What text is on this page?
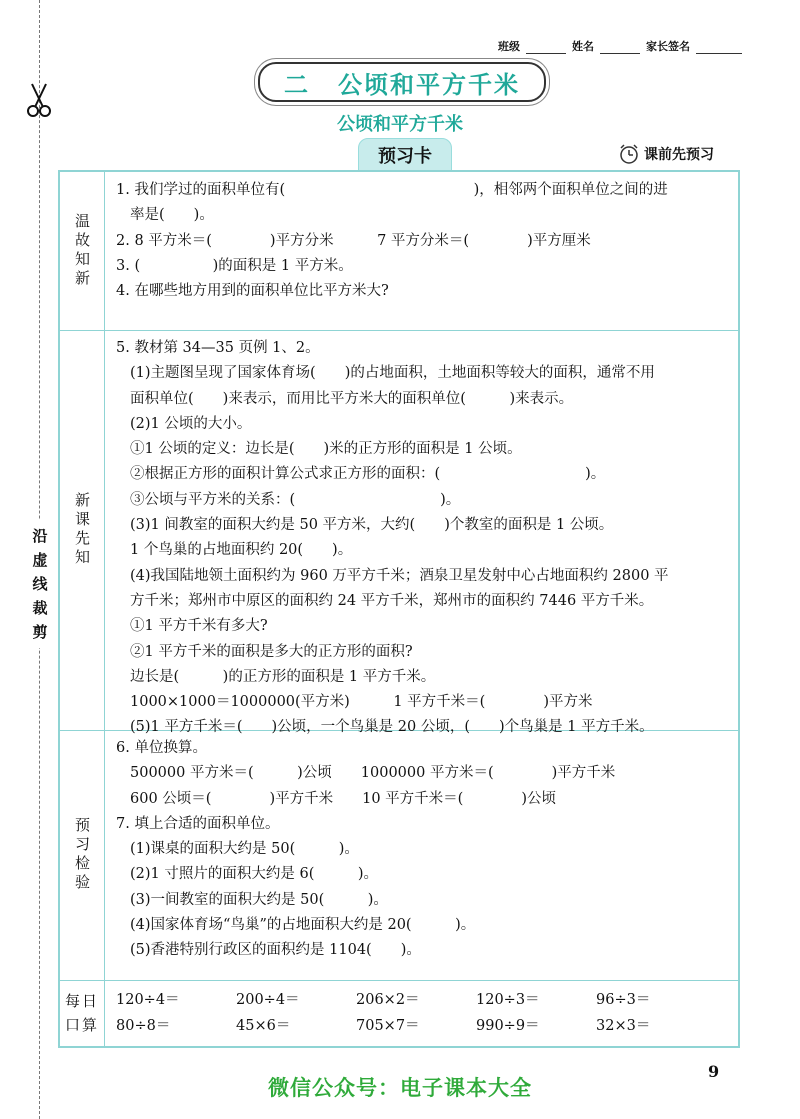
沿虚线裁剪
班级	姓名	家长签名
二 公顷和平方千米
公顷和平方千米
预习卡	课前先预习
温故知新
1. 我们学过的面积单位有(　　　　　　　　　　　　　)，相邻两个面积单位之间的进
率是(　　)。
2. 8 平方米＝(　　　　)平方分米　　　7 平方分米＝(　　　　)平方厘米
3. (　　　　　)的面积是 1 平方米。
4. 在哪些地方用到的面积单位比平方米大?
新课先知
5. 教材第 34—35 页例 1、2。
(1)主题图呈现了国家体育场(　　)的占地面积，土地面积等较大的面积，通常不用
面积单位(　　)来表示，而用比平方米大的面积单位(　　　)来表示。
(2)1 公顷的大小。
①1 公顷的定义：边长是(　　)米的正方形的面积是 1 公顷。
②根据正方形的面积计算公式求正方形的面积：(　　　　　　　　　　)。
③公顷与平方米的关系：(　　　　　　　　　　)。
(3)1 间教室的面积大约是 50 平方米，大约(　　)个教室的面积是 1 公顷。
1 个鸟巢的占地面积约 20(　　)。
(4)我国陆地领土面积约为 960 万平方千米；酒泉卫星发射中心占地面积约 2800 平
方千米；郑州市中原区的面积约 24 平方千米，郑州市的面积约 7446 平方千米。
①1 平方千米有多大?
②1 平方千米的面积是多大的正方形的面积?
边长是(　　　)的正方形的面积是 1 平方千米。
1000×1000＝1000000(平方米)　　　1 平方千米＝(　　　　)平方米
(5)1 平方千米＝(　　)公顷，一个鸟巢是 20 公顷，(　　)个鸟巢是 1 平方千米。
预习检验
6. 单位换算。
500000 平方米＝(　　　)公顷　　1000000 平方米＝(　　　　)平方千米
600 公顷＝(　　　　)平方千米　　10 平方千米＝(　　　　)公顷
7. 填上合适的面积单位。
(1)课桌的面积大约是 50(　　　)。
(2)1 寸照片的面积大约是 6(　　　)。
(3)一间教室的面积大约是 50(　　　)。
(4)国家体育场“鸟巢”的占地面积大约是 20(　　　)。
(5)香港特别行政区的面积约是 1104(　　)。
每日
口算
120÷4＝	200÷4＝	206×2＝	120÷3＝	96÷3＝
80÷8＝	45×6＝	705×7＝	990÷9＝	32×3＝
9
微信公众号：电子课本大全
